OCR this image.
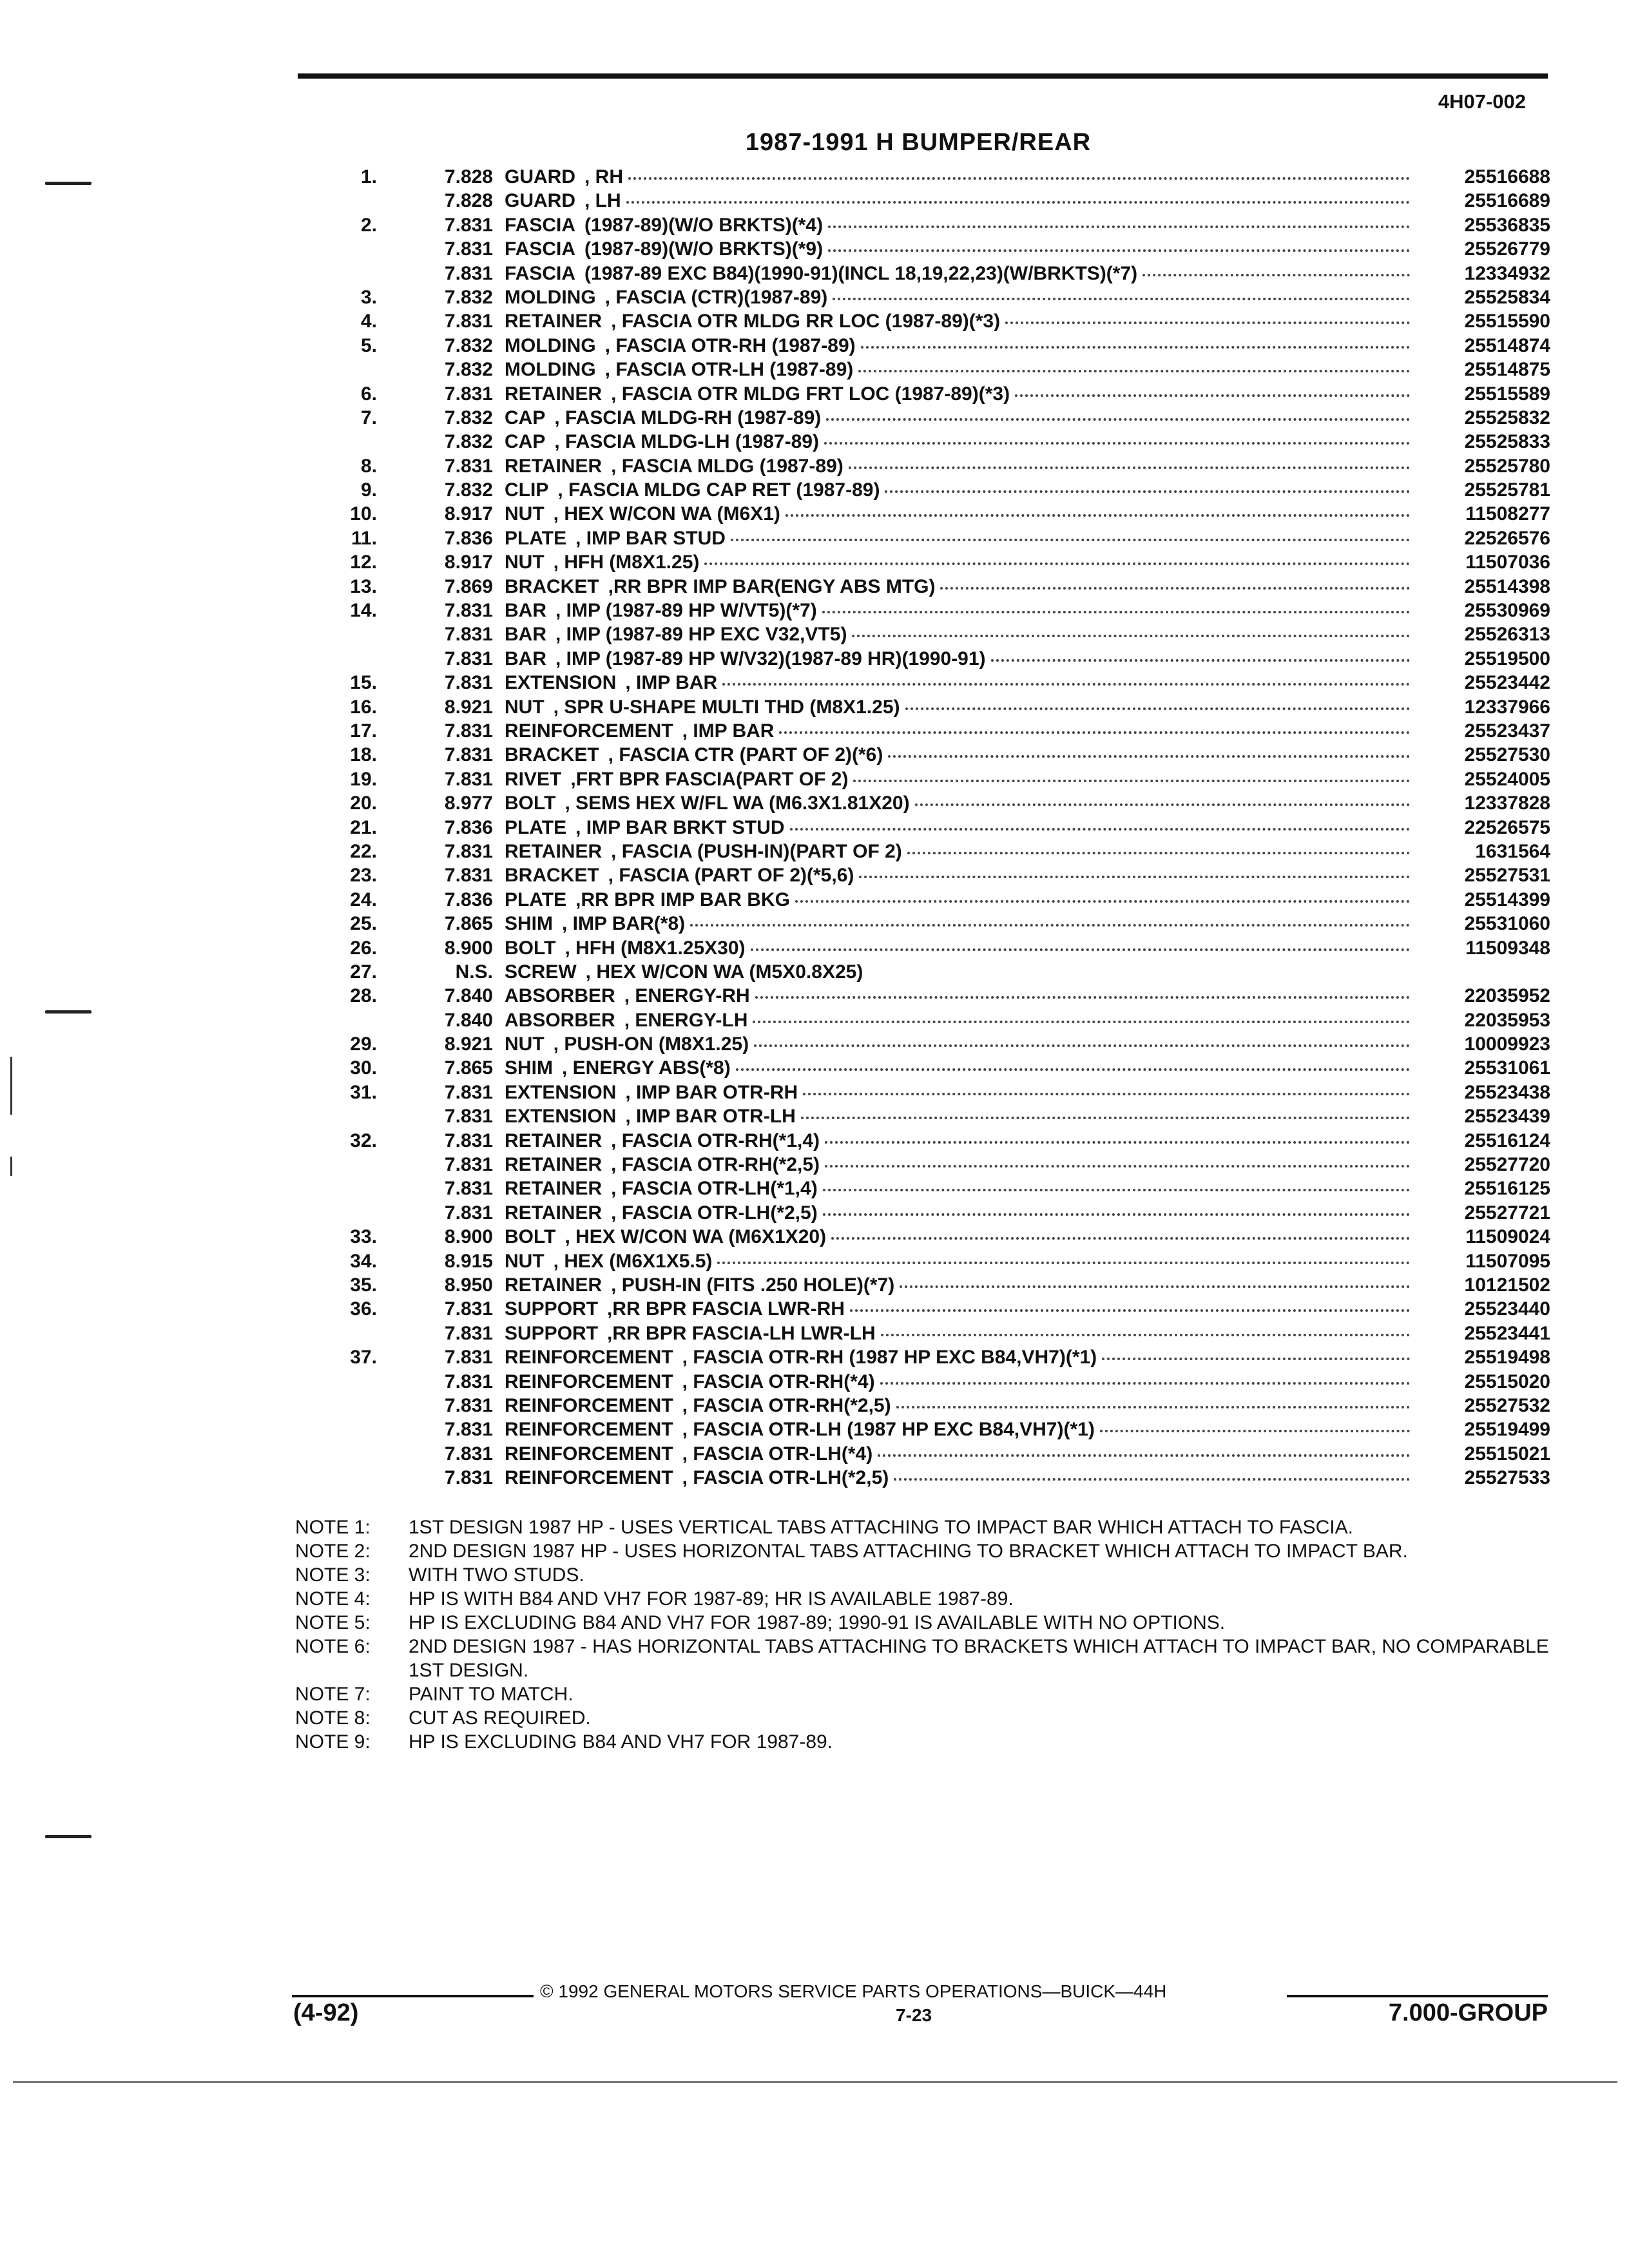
4H07-002
1987-1991 H BUMPER/REAR
1.	7.828 GUARD , RH	25516688
7.828 GUARD , LH	25516689
2.	7.831 FASCIA (1987-89)(W/O BRKTS)(*4)	25536835
7.831 FASCIA (1987-89)(W/O BRKTS)(*9)	25526779
7.831 FASCIA (1987-89 EXC B84)(1990-91)(INCL 18,19,22,23)(W/BRKTS)(*7)	12334932
3.	7.832 MOLDING , FASCIA (CTR)(1987-89)	25525834
4.	7.831 RETAINER , FASCIA OTR MLDG RR LOC (1987-89)(*3)	25515590
5.	7.832 MOLDING , FASCIA OTR-RH (1987-89)	25514874
7.832 MOLDING , FASCIA OTR-LH (1987-89)	25514875
6.	7.831 RETAINER , FASCIA OTR MLDG FRT LOC (1987-89)(*3)	25515589
7.	7.832 CAP , FASCIA MLDG-RH (1987-89)	25525832
7.832 CAP , FASCIA MLDG-LH (1987-89)	25525833
8.	7.831 RETAINER , FASCIA MLDG (1987-89)	25525780
9.	7.832 CLIP , FASCIA MLDG CAP RET (1987-89)	25525781
10.	8.917 NUT , HEX W/CON WA (M6X1)	11508277
11.	7.836 PLATE , IMP BAR STUD	22526576
12.	8.917 NUT , HFH (M8X1.25)	11507036
13.	7.869 BRACKET ,RR BPR IMP BAR(ENGY ABS MTG)	25514398
14.	7.831 BAR , IMP (1987-89 HP W/VT5)(*7)	25530969
7.831 BAR , IMP (1987-89 HP EXC V32,VT5)	25526313
7.831 BAR , IMP (1987-89 HP W/V32)(1987-89 HR)(1990-91)	25519500
15.	7.831 EXTENSION , IMP BAR	25523442
16.	8.921 NUT , SPR U-SHAPE MULTI THD (M8X1.25)	12337966
17.	7.831 REINFORCEMENT , IMP BAR	25523437
18.	7.831 BRACKET , FASCIA CTR (PART OF 2)(*6)	25527530
19.	7.831 RIVET ,FRT BPR FASCIA(PART OF 2)	25524005
20.	8.977 BOLT , SEMS HEX W/FL WA (M6.3X1.81X20)	12337828
21.	7.836 PLATE , IMP BAR BRKT STUD	22526575
22.	7.831 RETAINER , FASCIA (PUSH-IN)(PART OF 2)	1631564
23.	7.831 BRACKET , FASCIA (PART OF 2)(*5,6)	25527531
24.	7.836 PLATE ,RR BPR IMP BAR BKG	25514399
25.	7.865 SHIM , IMP BAR(*8)	25531060
26.	8.900 BOLT , HFH (M8X1.25X30)	11509348
27.	N.S. SCREW , HEX W/CON WA (M5X0.8X25)
28.	7.840 ABSORBER , ENERGY-RH	22035952
7.840 ABSORBER , ENERGY-LH	22035953
29.	8.921 NUT , PUSH-ON (M8X1.25)	10009923
30.	7.865 SHIM , ENERGY ABS(*8)	25531061
31.	7.831 EXTENSION , IMP BAR OTR-RH	25523438
7.831 EXTENSION , IMP BAR OTR-LH	25523439
32.	7.831 RETAINER , FASCIA OTR-RH(*1,4)	25516124
7.831 RETAINER , FASCIA OTR-RH(*2,5)	25527720
7.831 RETAINER , FASCIA OTR-LH(*1,4)	25516125
7.831 RETAINER , FASCIA OTR-LH(*2,5)	25527721
33.	8.900 BOLT , HEX W/CON WA (M6X1X20)	11509024
34.	8.915 NUT , HEX (M6X1X5.5)	11507095
35.	8.950 RETAINER , PUSH-IN (FITS .250 HOLE)(*7)	10121502
36.	7.831 SUPPORT ,RR BPR FASCIA LWR-RH	25523440
7.831 SUPPORT ,RR BPR FASCIA-LH LWR-LH	25523441
37.	7.831 REINFORCEMENT , FASCIA OTR-RH (1987 HP EXC B84,VH7)(*1)	25519498
7.831 REINFORCEMENT , FASCIA OTR-RH(*4)	25515020
7.831 REINFORCEMENT , FASCIA OTR-RH(*2,5)	25527532
7.831 REINFORCEMENT , FASCIA OTR-LH (1987 HP EXC B84,VH7)(*1)	25519499
7.831 REINFORCEMENT , FASCIA OTR-LH(*4)	25515021
7.831 REINFORCEMENT , FASCIA OTR-LH(*2,5)	25527533
NOTE 1:	1ST DESIGN 1987 HP - USES VERTICAL TABS ATTACHING TO IMPACT BAR WHICH ATTACH TO FASCIA.
NOTE 2:	2ND DESIGN 1987 HP - USES HORIZONTAL TABS ATTACHING TO BRACKET WHICH ATTACH TO IMPACT BAR.
NOTE 3:	WITH TWO STUDS.
NOTE 4:	HP IS WITH B84 AND VH7 FOR 1987-89; HR IS AVAILABLE 1987-89.
NOTE 5:	HP IS EXCLUDING B84 AND VH7 FOR 1987-89; 1990-91 IS AVAILABLE WITH NO OPTIONS.
NOTE 6:	2ND DESIGN 1987 - HAS HORIZONTAL TABS ATTACHING TO BRACKETS WHICH ATTACH TO IMPACT BAR, NO COMPARABLE 1ST DESIGN.
NOTE 7:	PAINT TO MATCH.
NOTE 8:	CUT AS REQUIRED.
NOTE 9:	HP IS EXCLUDING B84 AND VH7 FOR 1987-89.
© 1992 GENERAL MOTORS SERVICE PARTS OPERATIONS—BUICK—44H
(4-92)	7-23	7.000-GROUP
